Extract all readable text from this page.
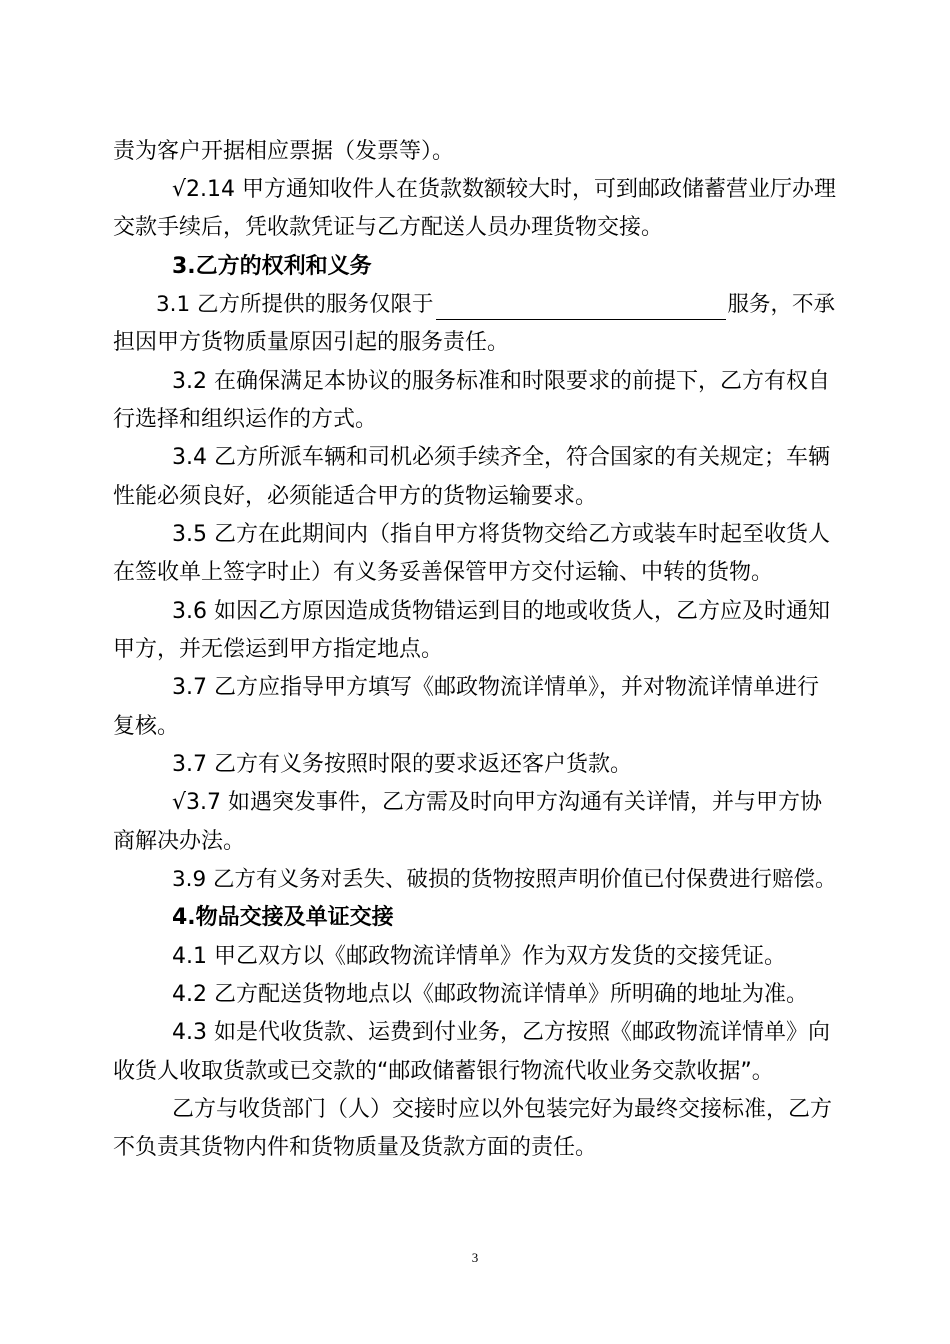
责为客户开据相应票据（发票等）。
√2.14 甲方通知收件人在货款数额较大时，可到邮政储蓄营业厅办理
交款手续后，凭收款凭证与乙方配送人员办理货物交接。
3.乙方的权利和义务
3.1 乙方所提供的服务仅限于	服务，不承
担因甲方货物质量原因引起的服务责任。
3.2 在确保满足本协议的服务标准和时限要求的前提下，乙方有权自
行选择和组织运作的方式。
3.4 乙方所派车辆和司机必须手续齐全，符合国家的有关规定；车辆
性能必须良好，必须能适合甲方的货物运输要求。
3.5 乙方在此期间内（指自甲方将货物交给乙方或装车时起至收货人
在签收单上签字时止）有义务妥善保管甲方交付运输、中转的货物。
3.6 如因乙方原因造成货物错运到目的地或收货人，乙方应及时通知
甲方，并无偿运到甲方指定地点。
3.7 乙方应指导甲方填写《邮政物流详情单》，并对物流详情单进行
复核。
3.7 乙方有义务按照时限的要求返还客户货款。
√3.7 如遇突发事件，乙方需及时向甲方沟通有关详情，并与甲方协
商解决办法。
3.9 乙方有义务对丢失、破损的货物按照声明价值已付保费进行赔偿。
4.物品交接及单证交接
4.1 甲乙双方以《邮政物流详情单》作为双方发货的交接凭证。
4.2 乙方配送货物地点以《邮政物流详情单》所明确的地址为准。
4.3 如是代收货款、运费到付业务，乙方按照《邮政物流详情单》向
收货人收取货款或已交款的“邮政储蓄银行物流代收业务交款收据”。
乙方与收货部门（人）交接时应以外包装完好为最终交接标准，乙方
不负责其货物内件和货物质量及货款方面的责任。
3
